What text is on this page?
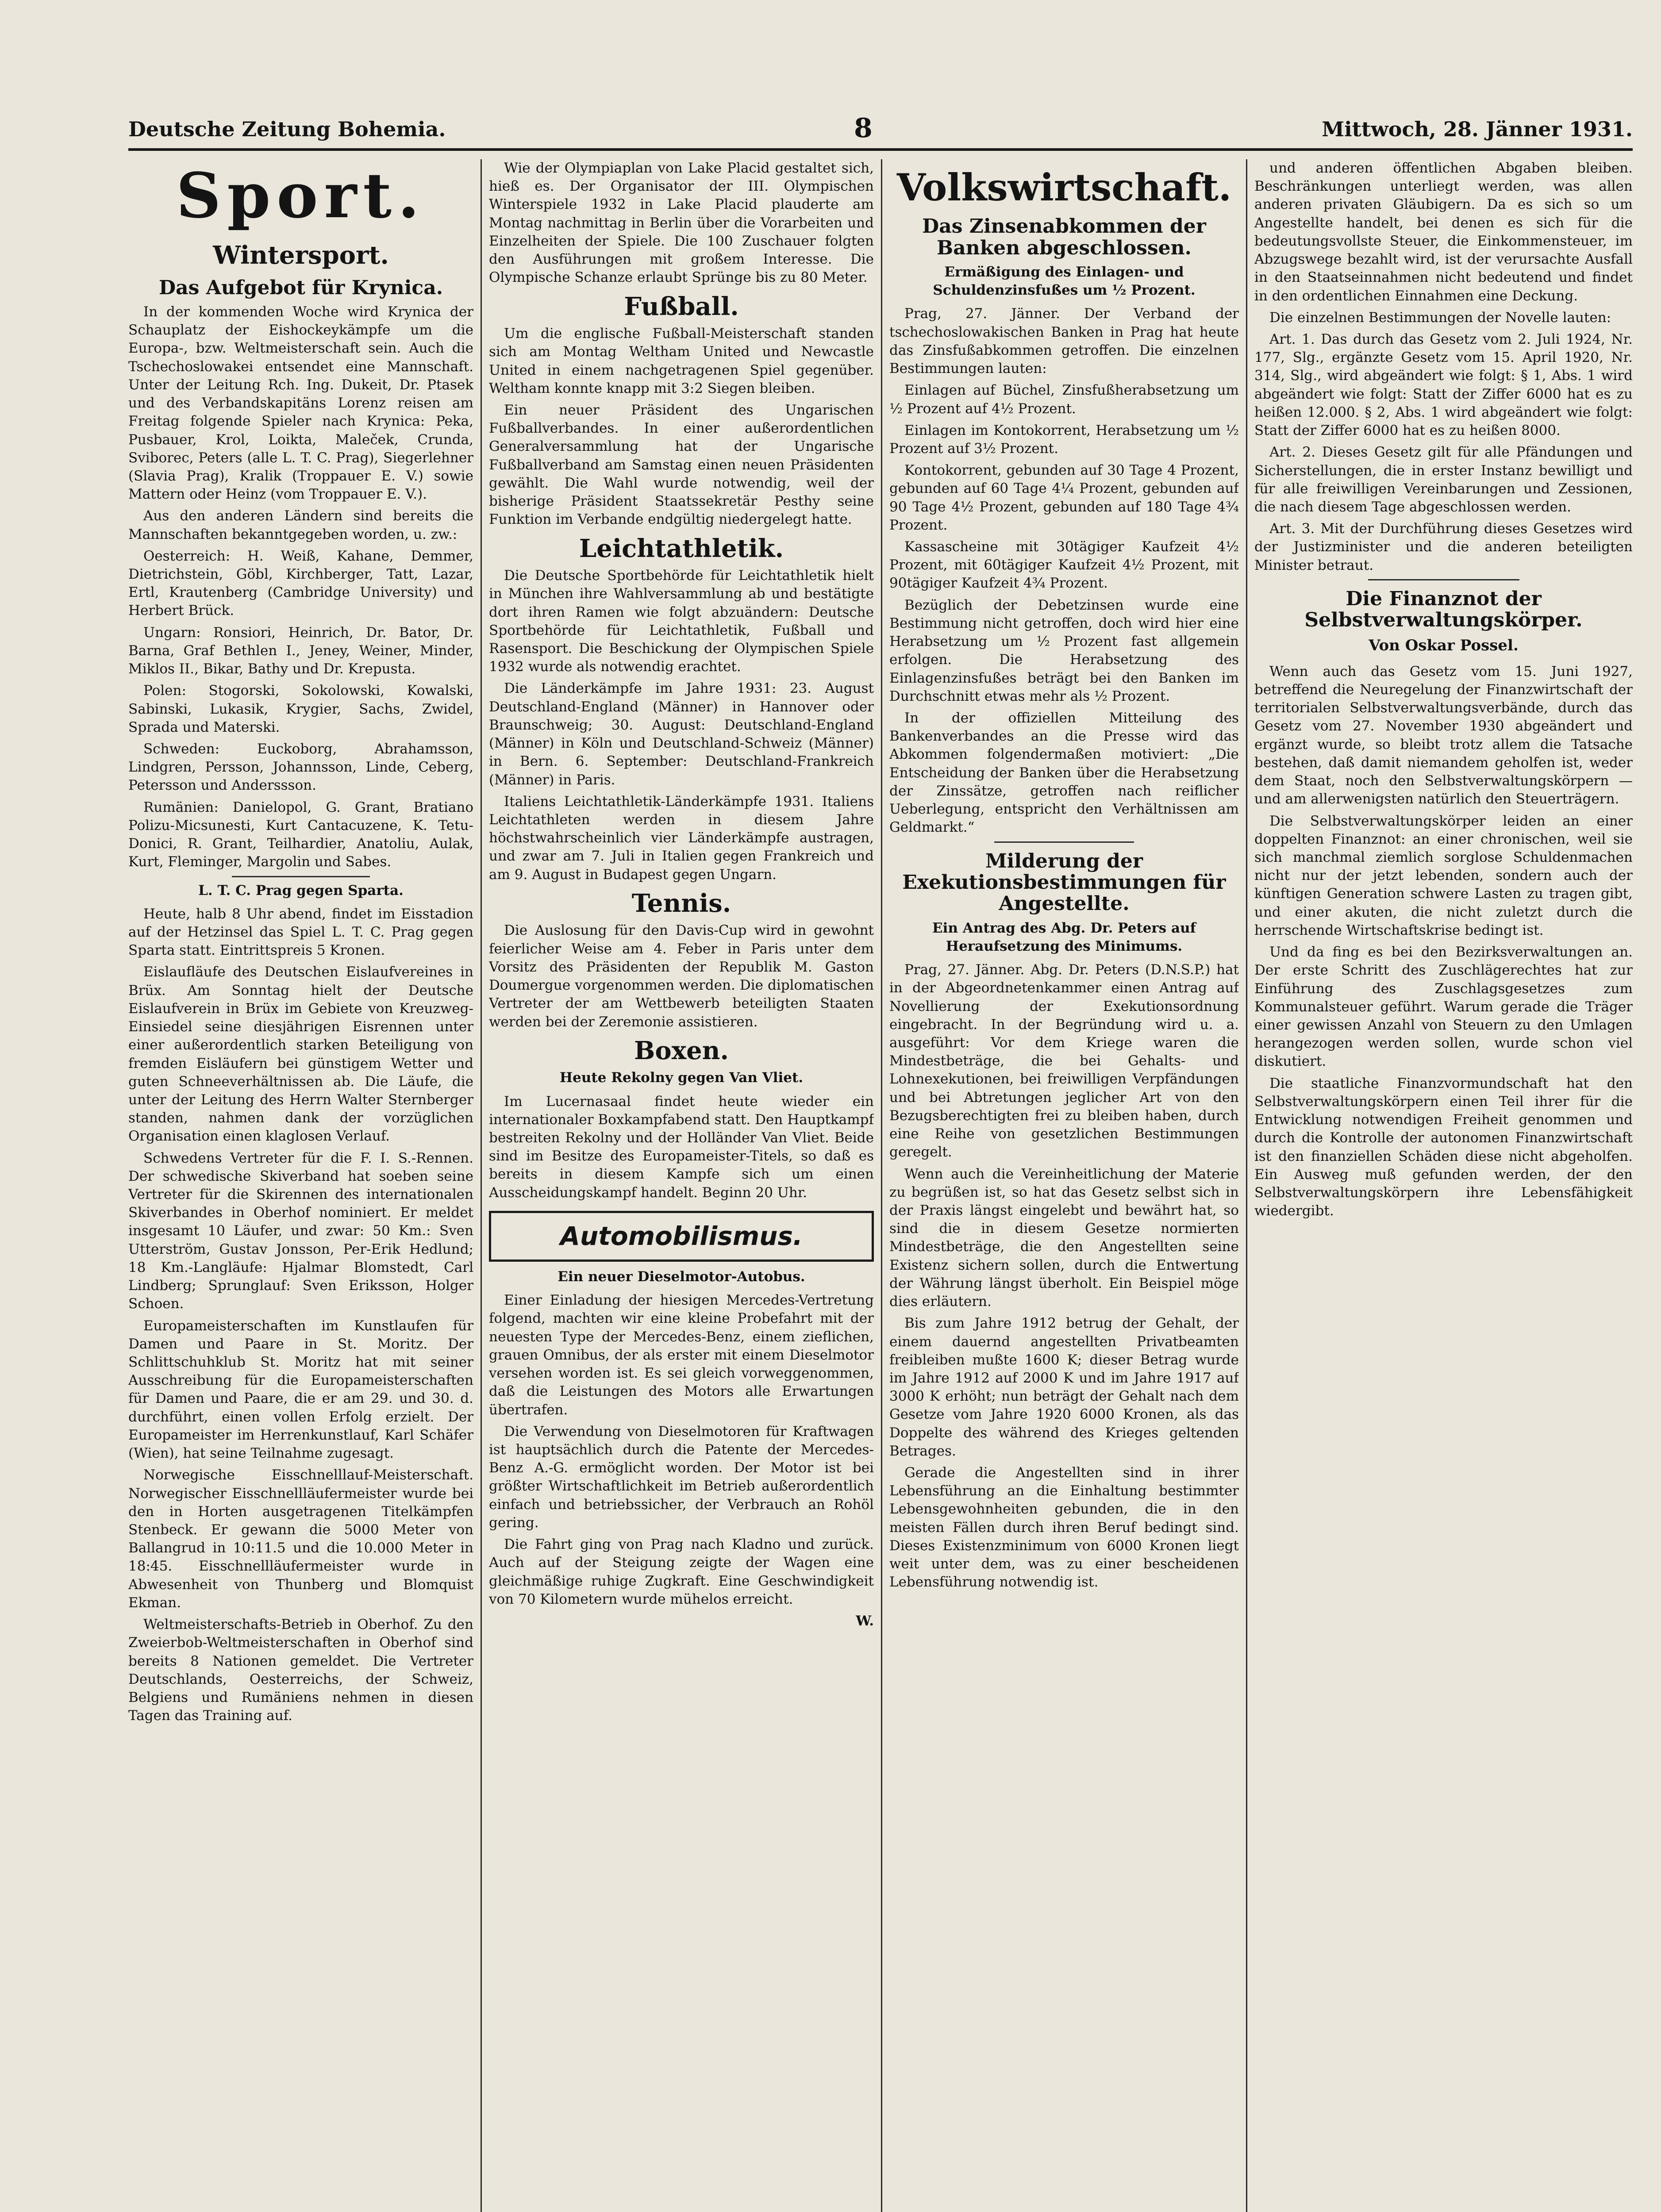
Deutsche Zeitung Bohemia.	8	Mittwoch, 28. Jänner 1931.
Sport.
Wintersport.
Das Aufgebot für Krynica.

In der kommenden Woche wird Krynica der Schauplatz der Eishockeykämpfe um die Europa-, bzw. Weltmeisterschaft sein. Auch die Tschechoslowakei entsendet eine Mannschaft. Unter der Leitung Rch. Ing. Dukeit, Dr. Ptasek und des Verbandskapitäns Lorenz reisen am Freitag folgende Spieler nach Krynica: Peka, Pusbauer, Krol, Loikta, Maleček, Crunda, Sviborec, Peters (alle L. T. C. Prag), Siegerlehner (Slavia Prag), Kralik (Troppauer E. V.) sowie Mattern oder Heinz (vom Troppauer E. V.).

Aus den anderen Ländern sind bereits die Mannschaften bekanntgegeben worden, u. zw.:

Oesterreich: H. Weiß, Kahane, Demmer, Dietrichstein, Göbl, Kirchberger, Tatt, Lazar, Ertl, Krautenberg (Cambridge University) und Herbert Brück.

Ungarn: Ronsiori, Heinrich, Dr. Bator, Dr. Barna, Graf Bethlen I., Jeney, Weiner, Minder, Miklos II., Bikar, Bathy und Dr. Krepusta.

Polen: Stogorski, Sokolowski, Kowalski, Sabinski, Lukasik, Krygier, Sachs, Zwidel, Sprada und Materski.

Schweden: Euckoborg, Abrahamsson, Lindgren, Persson, Johannsson, Linde, Ceberg, Petersson und Anderssson.

Rumänien: Danielopol, G. Grant, Bratiano Polizu-Micsunesti, Kurt Cantacuzene, K. Tetu-Donici, R. Grant, Teilhardier, Anatoliu, Aulak, Kurt, Fleminger, Margolin und Sabes.

L. T. C. Prag gegen Sparta.

Heute, halb 8 Uhr abend, findet im Eisstadion auf der Hetzinsel das Spiel L. T. C. Prag gegen Sparta statt. Eintrittspreis 5 Kronen.

Eislaufläufe des Deutschen Eislaufvereines in Brüx. Am Sonntag hielt der Deutsche Eislaufverein in Brüx im Gebiete von Kreuzweg-Einsiedel seine diesjährigen Eisrennen unter einer außerordentlich starken Beteiligung von fremden Eisläufern bei günstigem Wetter und guten Schneeverhältnissen ab. Die Läufe, die unter der Leitung des Herrn Walter Sternberger standen, nahmen dank der vorzüglichen Organisation einen klaglosen Verlauf.

Schwedens Vertreter für die F. I. S.-Rennen. Der schwedische Skiverband hat soeben seine Vertreter für die Skirennen des internationalen Skiverbandes in Oberhof nominiert. Er meldet insgesamt 10 Läufer, und zwar: 50 Km.: Sven Utterström, Gustav Jonsson, Per-Erik Hedlund; 18 Km.-Langläufe: Hjalmar Blomstedt, Carl Lindberg; Sprunglauf: Sven Eriksson, Holger Schoen.

Europameisterschaften im Kunstlaufen für Damen und Paare in St. Moritz. Der Schlittschuhklub St. Moritz hat mit seiner Ausschreibung für die Europameisterschaften für Damen und Paare, die er am 29. und 30. d. durchführt, einen vollen Erfolg erzielt. Der Europameister im Herrenkunstlauf, Karl Schäfer (Wien), hat seine Teilnahme zugesagt.

Norwegische Eisschnelllauf-Meisterschaft. Norwegischer Eisschnellläufermeister wurde bei den in Horten ausgetragenen Titelkämpfen Stenbeck. Er gewann die 5000 Meter von Ballangrud in 10:11.5 und die 10.000 Meter in 18:45. Eisschnellläufermeister wurde in Abwesenheit von Thunberg und Blomquist Ekman.

Weltmeisterschafts-Betrieb in Oberhof. Zu den Zweierbob-Weltmeisterschaften in Oberhof sind bereits 8 Nationen gemeldet. Die Vertreter Deutschlands, Oesterreichs, der Schweiz, Belgiens und Rumäniens nehmen in diesen Tagen das Training auf.

Wie der Olympiaplan von Lake Placid gestaltet sich, hieß es. Der Organisator der III. Olympischen Winterspiele 1932 in Lake Placid plauderte am Montag nachmittag in Berlin über die Vorarbeiten und Einzelheiten der Spiele. Die 100 Zuschauer folgten den Ausführungen mit großem Interesse. Die Olympische Schanze erlaubt Sprünge bis zu 80 Meter.

Fußball.

Um die englische Fußball-Meisterschaft standen sich am Montag Weltham United und Newcastle United in einem nachgetragenen Spiel gegenüber. Weltham konnte knapp mit 3:2 Siegen bleiben.

Ein neuer Präsident des Ungarischen Fußballverbandes. In einer außerordentlichen Generalversammlung hat der Ungarische Fußballverband am Samstag einen neuen Präsidenten gewählt. Die Wahl wurde notwendig, weil der bisherige Präsident Staatssekretär Pesthy seine Funktion im Verbande endgültig niedergelegt hatte.

Leichtathletik.

Die Deutsche Sportbehörde für Leichtathletik hielt in München ihre Wahlversammlung ab und bestätigte dort ihren Ramen wie folgt abzuändern: Deutsche Sportbehörde für Leichtathletik, Fußball und Rasensport. Die Beschickung der Olympischen Spiele 1932 wurde als notwendig erachtet.

Die Länderkämpfe im Jahre 1931: 23. August Deutschland-England (Männer) in Hannover oder Braunschweig; 30. August: Deutschland-England (Männer) in Köln und Deutschland-Schweiz (Männer) in Bern. 6. September: Deutschland-Frankreich (Männer) in Paris.

Italiens Leichtathletik-Länderkämpfe 1931. Italiens Leichtathleten werden in diesem Jahre höchstwahrscheinlich vier Länderkämpfe austragen, und zwar am 7. Juli in Italien gegen Frankreich und am 9. August in Budapest gegen Ungarn.

Tennis.

Die Auslosung für den Davis-Cup wird in gewohnt feierlicher Weise am 4. Feber in Paris unter dem Vorsitz des Präsidenten der Republik M. Gaston Doumergue vorgenommen werden. Die diplomatischen Vertreter der am Wettbewerb beteiligten Staaten werden bei der Zeremonie assistieren.

Boxen.
Heute Rekolny gegen Van Vliet.

Im Lucernasaal findet heute wieder ein internationaler Boxkampfabend statt. Den Hauptkampf bestreiten Rekolny und der Holländer Van Vliet. Beide sind im Besitze des Europameister-Titels, so daß es bereits in diesem Kampfe sich um einen Ausscheidungskampf handelt. Beginn 20 Uhr.

Automobilismus.
Ein neuer Dieselmotor-Autobus.

Einer Einladung der hiesigen Mercedes-Vertretung folgend, machten wir eine kleine Probefahrt mit der neuesten Type der Mercedes-Benz, einem zieflichen, grauen Omnibus, der als erster mit einem Dieselmotor versehen worden ist. Es sei gleich vorweggenommen, daß die Leistungen des Motors alle Erwartungen übertrafen.

Die Verwendung von Dieselmotoren für Kraftwagen ist hauptsächlich durch die Patente der Mercedes-Benz A.-G. ermöglicht worden. Der Motor ist bei größter Wirtschaftlichkeit im Betrieb außerordentlich einfach und betriebssicher, der Verbrauch an Rohöl gering.

Die Fahrt ging von Prag nach Kladno und zurück. Auch auf der Steigung zeigte der Wagen eine gleichmäßige ruhige Zugkraft. Eine Geschwindigkeit von 70 Kilometern wurde mühelos erreicht.

W.
Volkswirtschaft.
Das Zinsenabkommen der Banken abgeschlossen.
Ermäßigung des Einlagen- und Schuldenzinsfußes um ½ Prozent.

Prag, 27. Jänner. Der Verband der tschechoslowakischen Banken in Prag hat heute das Zinsfußabkommen getroffen. Die einzelnen Bestimmungen lauten:

Einlagen auf Büchel, Zinsfußherabsetzung um ½ Prozent auf 4½ Prozent.

Einlagen im Kontokorrent, Herabsetzung um ½ Prozent auf 3½ Prozent.

Kontokorrent, gebunden auf 30 Tage 4 Prozent, gebunden auf 60 Tage 4¼ Prozent, gebunden auf 90 Tage 4½ Prozent, gebunden auf 180 Tage 4¾ Prozent.

Kassascheine mit 30tägiger Kaufzeit 4½ Prozent, mit 60tägiger Kaufzeit 4½ Prozent, mit 90tägiger Kaufzeit 4¾ Prozent.

Bezüglich der Debetzinsen wurde eine Bestimmung nicht getroffen, doch wird hier eine Herabsetzung um ½ Prozent fast allgemein erfolgen. Die Herabsetzung des Einlagenzinsfußes beträgt bei den Banken im Durchschnitt etwas mehr als ½ Prozent.

In der offiziellen Mitteilung des Bankenverbandes an die Presse wird das Abkommen folgendermaßen motiviert: „Die Entscheidung der Banken über die Herabsetzung der Zinssätze, getroffen nach reiflicher Ueberlegung, entspricht den Verhältnissen am Geldmarkt.“

Milderung der Exekutionsbestimmungen für Angestellte.
Ein Antrag des Abg. Dr. Peters auf Heraufsetzung des Minimums.

Prag, 27. Jänner. Abg. Dr. Peters (D.N.S.P.) hat in der Abgeordnetenkammer einen Antrag auf Novellierung der Exekutionsordnung eingebracht. In der Begründung wird u. a. ausgeführt: Vor dem Kriege waren die Mindestbeträge, die bei Gehalts- und Lohnexekutionen, bei freiwilligen Verpfändungen und bei Abtretungen jeglicher Art von den Bezugsberechtigten frei zu bleiben haben, durch eine Reihe von gesetzlichen Bestimmungen geregelt.

Wenn auch die Vereinheitlichung der Materie zu begrüßen ist, so hat das Gesetz selbst sich in der Praxis längst eingelebt und bewährt hat, so sind die in diesem Gesetze normierten Mindestbeträge, die den Angestellten seine Existenz sichern sollen, durch die Entwertung der Währung längst überholt. Ein Beispiel möge dies erläutern.

Bis zum Jahre 1912 betrug der Gehalt, der einem dauernd angestellten Privatbeamten freibleiben mußte 1600 K; dieser Betrag wurde im Jahre 1912 auf 2000 K und im Jahre 1917 auf 3000 K erhöht; nun beträgt der Gehalt nach dem Gesetze vom Jahre 1920 6000 Kronen, als das Doppelte des während des Krieges geltenden Betrages.

Gerade die Angestellten sind in ihrer Lebensführung an die Einhaltung bestimmter Lebensgewohnheiten gebunden, die in den meisten Fällen durch ihren Beruf bedingt sind. Dieses Existenzminimum von 6000 Kronen liegt weit unter dem, was zu einer bescheidenen Lebensführung notwendig ist.

und anderen öffentlichen Abgaben bleiben. Beschränkungen unterliegt werden, was allen anderen privaten Gläubigern. Da es sich so um Angestellte handelt, bei denen es sich für die bedeutungsvollste Steuer, die Einkommensteuer, im Abzugswege bezahlt wird, ist der verursachte Ausfall in den Staatseinnahmen nicht bedeutend und findet in den ordentlichen Einnahmen eine Deckung.

Die einzelnen Bestimmungen der Novelle lauten:

Art. 1. Das durch das Gesetz vom 2. Juli 1924, Nr. 177, Slg., ergänzte Gesetz vom 15. April 1920, Nr. 314, Slg., wird abgeändert wie folgt: § 1, Abs. 1 wird abgeändert wie folgt: Statt der Ziffer 6000 hat es zu heißen 12.000. § 2, Abs. 1 wird abgeändert wie folgt: Statt der Ziffer 6000 hat es zu heißen 8000.

Art. 2. Dieses Gesetz gilt für alle Pfändungen und Sicherstellungen, die in erster Instanz bewilligt und für alle freiwilligen Vereinbarungen und Zessionen, die nach diesem Tage abgeschlossen werden.

Art. 3. Mit der Durchführung dieses Gesetzes wird der Justizminister und die anderen beteiligten Minister betraut.

Die Finanznot der Selbstverwaltungskörper.
Von Oskar Possel.

Wenn auch das Gesetz vom 15. Juni 1927, betreffend die Neuregelung der Finanzwirtschaft der territorialen Selbstverwaltungsverbände, durch das Gesetz vom 27. November 1930 abgeändert und ergänzt wurde, so bleibt trotz allem die Tatsache bestehen, daß damit niemandem geholfen ist, weder dem Staat, noch den Selbstverwaltungskörpern — und am allerwenigsten natürlich den Steuerträgern.

Die Selbstverwaltungskörper leiden an einer doppelten Finanznot: an einer chronischen, weil sie sich manchmal ziemlich sorglose Schuldenmachen nicht nur der jetzt lebenden, sondern auch der künftigen Generation schwere Lasten zu tragen gibt, und einer akuten, die nicht zuletzt durch die herrschende Wirtschaftskrise bedingt ist.

Und da fing es bei den Bezirksverwaltungen an. Der erste Schritt des Zuschlägerechtes hat zur Einführung des Zuschlagsgesetzes zum Kommunalsteuer geführt. Warum gerade die Träger einer gewissen Anzahl von Steuern zu den Umlagen herangezogen werden sollen, wurde schon viel diskutiert.

Die staatliche Finanzvormundschaft hat den Selbstverwaltungskörpern einen Teil ihrer für die Entwicklung notwendigen Freiheit genommen und durch die Kontrolle der autonomen Finanzwirtschaft ist den finanziellen Schäden diese nicht abgeholfen. Ein Ausweg muß gefunden werden, der den Selbstverwaltungskörpern ihre Lebensfähigkeit wiedergibt.
